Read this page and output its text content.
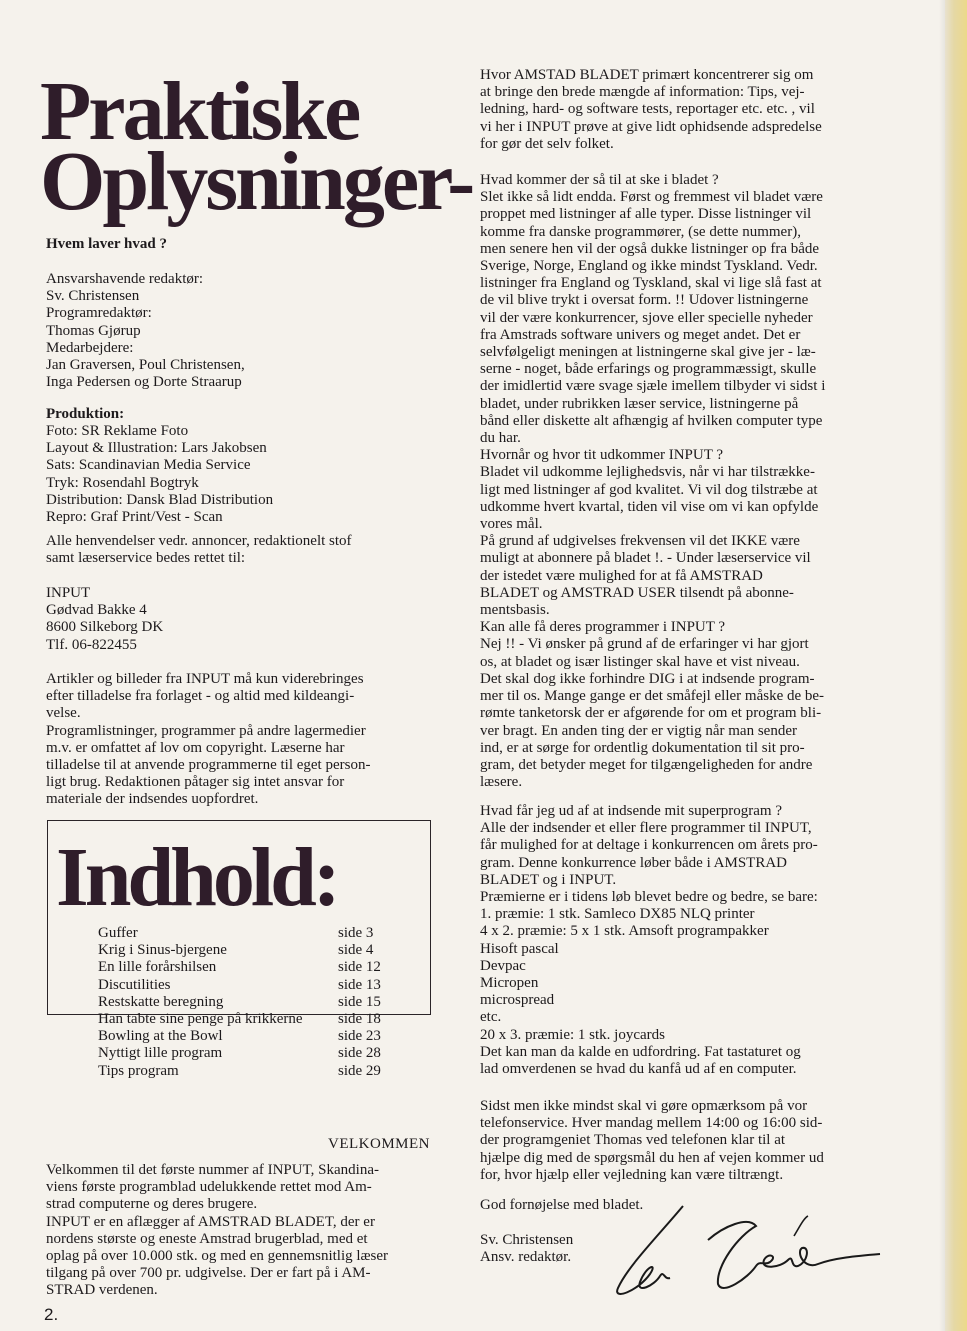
Praktiske
Oplysninger-
Hvem laver hvad ?
Ansvarshavende redaktør:
Sv. Christensen
Programredaktør:
Thomas Gjørup
Medarbejdere:
Jan Graversen, Poul Christensen,
Inga Pedersen og Dorte Straarup
Produktion:
Foto: SR Reklame Foto
Layout & Illustration: Lars Jakobsen
Sats: Scandinavian Media Service
Tryk: Rosendahl Bogtryk
Distribution: Dansk Blad Distribution
Repro: Graf Print/Vest - Scan
Alle henvendelser vedr. annoncer, redaktionelt stof
samt læserservice bedes rettet til:
INPUT
Gødvad Bakke 4
8600 Silkeborg DK
Tlf. 06-822455
Artikler og billeder fra INPUT må kun viderebringes
efter tilladelse fra forlaget - og altid med kildeangi-
velse.
Programlistninger, programmer på andre lagermedier
m.v. er omfattet af lov om copyright. Læserne har
tilladelse til at anvende programmerne til eget person-
ligt brug. Redaktionen påtager sig intet ansvar for
materiale der indsendes uopfordret.
Indhold:
Guffer	side 3
Krig i Sinus-bjergene	side 4
En lille forårshilsen	side 12
Discutilities	side 13
Restskatte beregning	side 15
Han tabte sine penge på krikkerne side 18
Bowling at the Bowl	side 23
Nyttigt lille program	side 28
Tips program	side 29
VELKOMMEN
Velkommen til det første nummer af INPUT, Skandina-
viens første programblad udelukkende rettet mod Am-
strad computerne og deres brugere.
INPUT er en aflægger af AMSTRAD BLADET, der er
nordens største og eneste Amstrad brugerblad, med et
oplag på over 10.000 stk. og med en gennemsnitlig læser
tilgang på over 700 pr. udgivelse. Der er fart på i AM-
STRAD verdenen.
Hvor AMSTAD BLADET primært koncentrerer sig om
at bringe den brede mængde af information: Tips, vej-
ledning, hard- og software tests, reportager etc. etc. , vil
vi her i INPUT prøve at give lidt ophidsende adspredelse
for gør det selv folket.
Hvad kommer der så til at ske i bladet ?
Slet ikke så lidt endda. Først og fremmest vil bladet være
proppet med listninger af alle typer. Disse listninger vil
komme fra danske programmører, (se dette nummer),
men senere hen vil der også dukke listninger op fra både
Sverige, Norge, England og ikke mindst Tyskland. Vedr.
listninger fra England og Tyskland, skal vi lige slå fast at
de vil blive trykt i oversat form. !! Udover listningerne
vil der være konkurrencer, sjove eller specielle nyheder
fra Amstrads software univers og meget andet. Det er
selvfølgeligt meningen at listningerne skal give jer - læ-
serne - noget, både erfarings og programmæssigt, skulle
der imidlertid være svage sjæle imellem tilbyder vi sidst i
bladet, under rubrikken læser service, listningerne på
bånd eller diskette alt afhængig af hvilken computer type
du har.
Hvornår og hvor tit udkommer INPUT ?
Bladet vil udkomme lejlighedsvis, når vi har tilstrække-
ligt med listninger af god kvalitet. Vi vil dog tilstræbe at
udkomme hvert kvartal, tiden vil vise om vi kan opfylde
vores mål.
På grund af udgivelses frekvensen vil det IKKE være
muligt at abonnere på bladet !. - Under læserservice vil
der istedet være mulighed for at få AMSTRAD
BLADET og AMSTRAD USER tilsendt på abonne-
mentsbasis.
Kan alle få deres programmer i INPUT ?
Nej !! - Vi ønsker på grund af de erfaringer vi har gjort
os, at bladet og især listinger skal have et vist niveau.
Det skal dog ikke forhindre DIG i at indsende program-
mer til os. Mange gange er det småfejl eller måske de be-
rømte tanketorsk der er afgørende for om et program bli-
ver bragt. En anden ting der er vigtig når man sender
ind, er at sørge for ordentlig dokumentation til sit pro-
gram, det betyder meget for tilgængeligheden for andre
læsere.
Hvad får jeg ud af at indsende mit superprogram ?
Alle der indsender et eller flere programmer til INPUT,
får mulighed for at deltage i konkurrencen om årets pro-
gram. Denne konkurrence løber både i AMSTRAD
BLADET og i INPUT.
Præmierne er i tidens løb blevet bedre og bedre, se bare:
1. præmie: 1 stk. Samleco DX85 NLQ printer
4 x 2. præmie: 5 x 1 stk. Amsoft programpakker
Hisoft pascal
Devpac
Micropen
microspread
etc.
20 x 3. præmie: 1 stk. joycards
Det kan man da kalde en udfordring. Fat tastaturet og
lad omverdenen se hvad du kanfå ud af en computer.
Sidst men ikke mindst skal vi gøre opmærksom på vor
telefonservice. Hver mandag mellem 14:00 og 16:00 sid-
der programgeniet Thomas ved telefonen klar til at
hjælpe dig med de spørgsmål du hen af vejen kommer ud
for, hvor hjælp eller vejledning kan være tiltrængt.
God fornøjelse med bladet.
Sv. Christensen
Ansv. redaktør.
2.
